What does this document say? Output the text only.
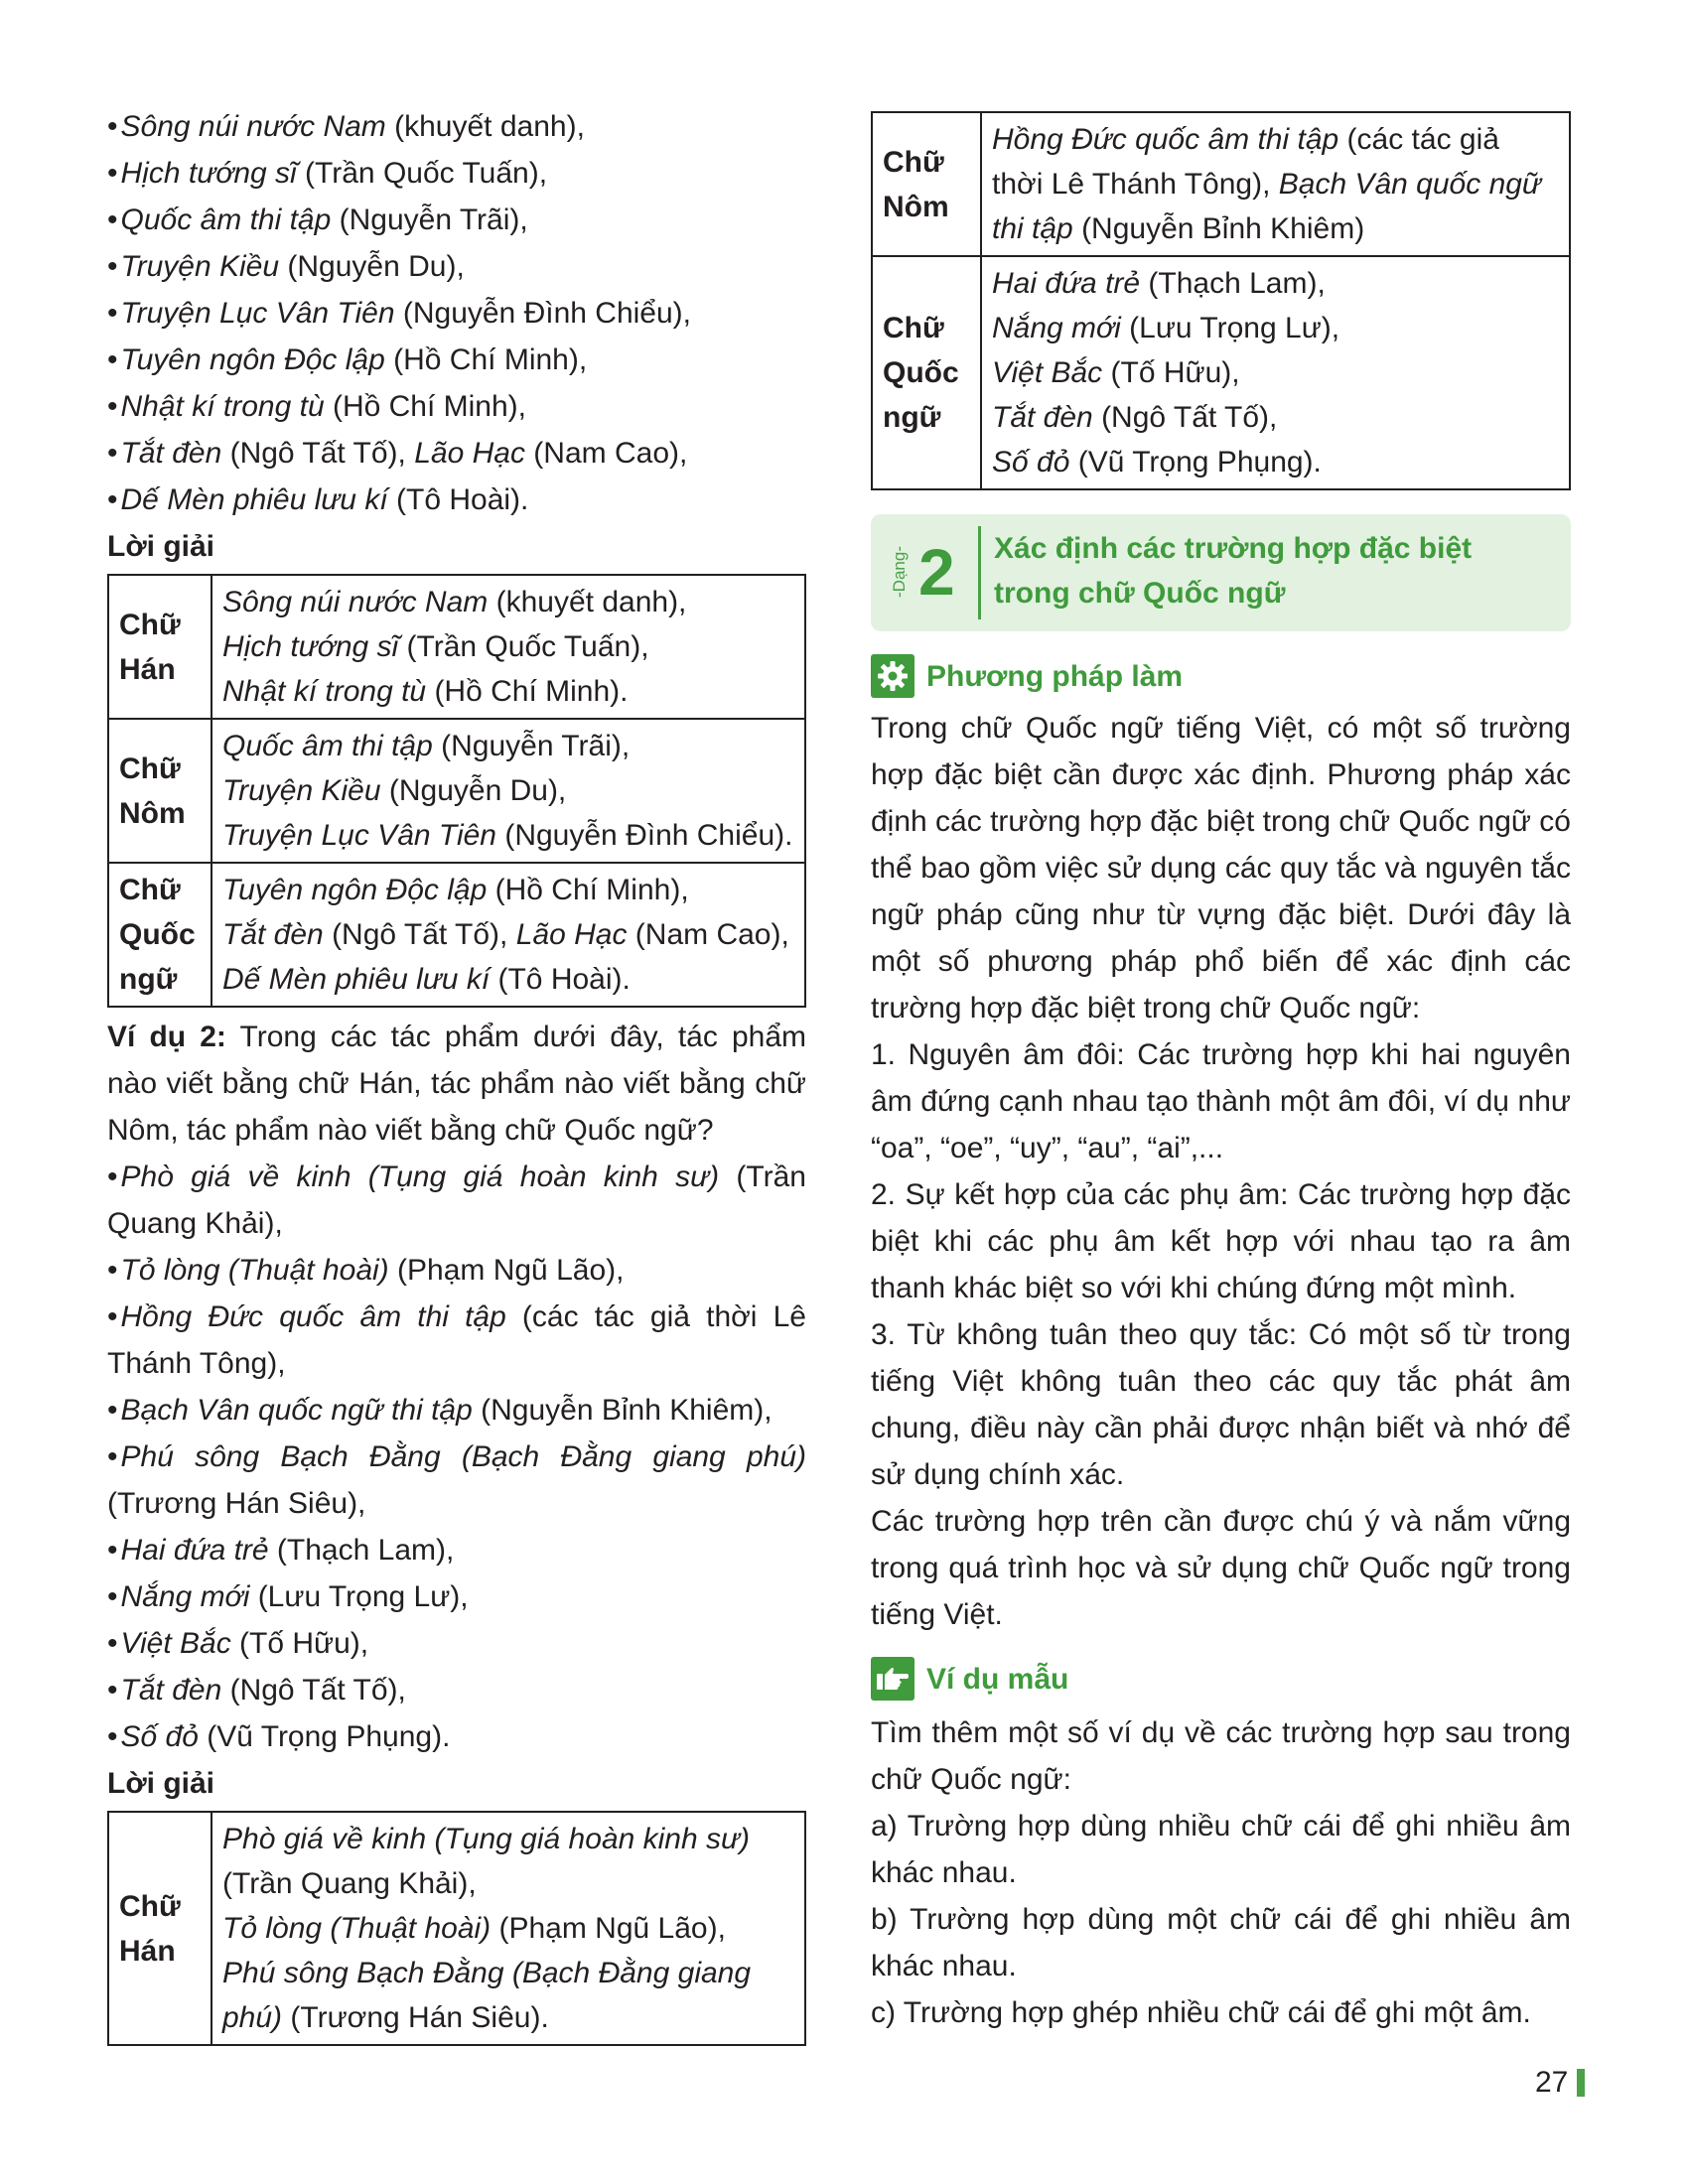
• Sông núi nước Nam (khuyết danh),
• Hịch tướng sĩ (Trần Quốc Tuấn),
• Quốc âm thi tập (Nguyễn Trãi),
• Truyện Kiều (Nguyễn Du),
• Truyện Lục Vân Tiên (Nguyễn Đình Chiểu),
• Tuyên ngôn Độc lập (Hồ Chí Minh),
• Nhật kí trong tù (Hồ Chí Minh),
• Tắt đèn (Ngô Tất Tố), Lão Hạc (Nam Cao),
• Dế Mèn phiêu lưu kí (Tô Hoài).
Lời giải
Chữ
Hán	Sông núi nước Nam (khuyết danh),
Hịch tướng sĩ (Trần Quốc Tuấn),
Nhật kí trong tù (Hồ Chí Minh).
Chữ
Nôm	Quốc âm thi tập (Nguyễn Trãi),
Truyện Kiều (Nguyễn Du),
Truyện Lục Vân Tiên (Nguyễn Đình Chiểu).
Chữ
Quốc
ngữ	Tuyên ngôn Độc lập (Hồ Chí Minh),
Tắt đèn (Ngô Tất Tố), Lão Hạc (Nam Cao),
Dế Mèn phiêu lưu kí (Tô Hoài).
Ví dụ 2: Trong các tác phẩm dưới đây, tác phẩm nào viết bằng chữ Hán, tác phẩm nào viết bằng chữ Nôm, tác phẩm nào viết bằng chữ Quốc ngữ?
• Phò giá về kinh (Tụng giá hoàn kinh sư) (Trần Quang Khải),
• Tỏ lòng (Thuật hoài) (Phạm Ngũ Lão),
• Hồng Đức quốc âm thi tập (các tác giả thời Lê Thánh Tông),
• Bạch Vân quốc ngữ thi tập (Nguyễn Bỉnh Khiêm),
• Phú sông Bạch Đằng (Bạch Đằng giang phú) (Trương Hán Siêu),
• Hai đứa trẻ (Thạch Lam),
• Nắng mới (Lưu Trọng Lư),
• Việt Bắc (Tố Hữu),
• Tắt đèn (Ngô Tất Tố),
• Số đỏ (Vũ Trọng Phụng).
Lời giải
Chữ
Hán	Phò giá về kinh (Tụng giá hoàn kinh sư)
(Trần Quang Khải),
Tỏ lòng (Thuật hoài) (Phạm Ngũ Lão),
Phú sông Bạch Đằng (Bạch Đằng giang
phú) (Trương Hán Siêu).
Chữ
Nôm	Hồng Đức quốc âm thi tập (các tác giả
thời Lê Thánh Tông), Bạch Vân quốc ngữ
thi tập (Nguyễn Bỉnh Khiêm)
Chữ
Quốc
ngữ	Hai đứa trẻ (Thạch Lam),
Nắng mới (Lưu Trọng Lư),
Việt Bắc (Tố Hữu),
Tắt đèn (Ngô Tất Tố),
Số đỏ (Vũ Trọng Phụng).
-Dạng- 2 Xác định các trường hợp đặc biệt trong chữ Quốc ngữ
Phương pháp làm
Trong chữ Quốc ngữ tiếng Việt, có một số trường hợp đặc biệt cần được xác định. Phương pháp xác định các trường hợp đặc biệt trong chữ Quốc ngữ có thể bao gồm việc sử dụng các quy tắc và nguyên tắc ngữ pháp cũng như từ vựng đặc biệt. Dưới đây là một số phương pháp phổ biến để xác định các trường hợp đặc biệt trong chữ Quốc ngữ:
1. Nguyên âm đôi: Các trường hợp khi hai nguyên âm đứng cạnh nhau tạo thành một âm đôi, ví dụ như “oa”, “oe”, “uy”, “au”, “ai”,...
2. Sự kết hợp của các phụ âm: Các trường hợp đặc biệt khi các phụ âm kết hợp với nhau tạo ra âm thanh khác biệt so với khi chúng đứng một mình.
3. Từ không tuân theo quy tắc: Có một số từ trong tiếng Việt không tuân theo các quy tắc phát âm chung, điều này cần phải được nhận biết và nhớ để sử dụng chính xác.
Các trường hợp trên cần được chú ý và nắm vững trong quá trình học và sử dụng chữ Quốc ngữ trong tiếng Việt.
Ví dụ mẫu
Tìm thêm một số ví dụ về các trường hợp sau trong chữ Quốc ngữ:
a) Trường hợp dùng nhiều chữ cái để ghi nhiều âm khác nhau.
b) Trường hợp dùng một chữ cái để ghi nhiều âm khác nhau.
c) Trường hợp ghép nhiều chữ cái để ghi một âm.
27
